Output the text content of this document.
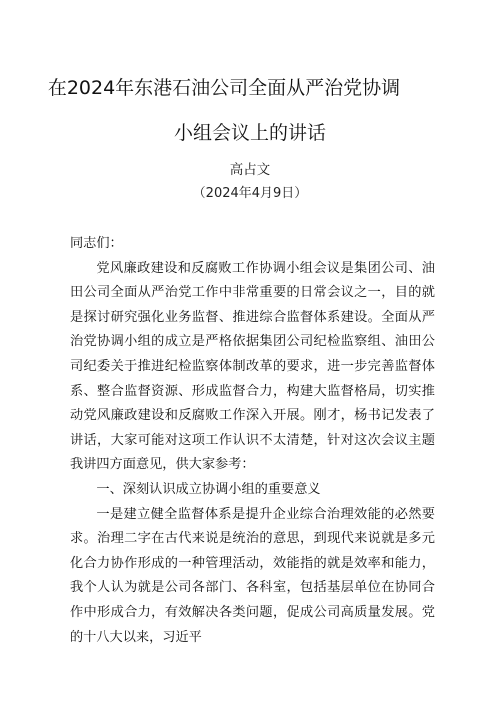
在2024年东港石油公司全面从严治党协调
小组会议上的讲话
高占文
（2024年4月9日）

同志们：

党风廉政建设和反腐败工作协调小组会议是集团公司、油田公司全面从严治党工作中非常重要的日常会议之一，目的就是探讨研究强化业务监督、推进综合监督体系建设。全面从严治党协调小组的成立是严格依据集团公司纪检监察组、油田公司纪委关于推进纪检监察体制改革的要求，进一步完善监督体系、整合监督资源、形成监督合力，构建大监督格局，切实推动党风廉政建设和反腐败工作深入开展。刚才，杨书记发表了讲话，大家可能对这项工作认识不太清楚，针对这次会议主题我讲四方面意见，供大家参考：

一、深刻认识成立协调小组的重要意义

一是建立健全监督体系是提升企业综合治理效能的必然要求。治理二字在古代来说是统治的意思，到现代来说就是多元化合力协作形成的一种管理活动，效能指的就是效率和能力，我个人认为就是公司各部门、各科室，包括基层单位在协同合作中形成合力，有效解决各类问题，促成公司高质量发展。党的十八大以来，习近平
